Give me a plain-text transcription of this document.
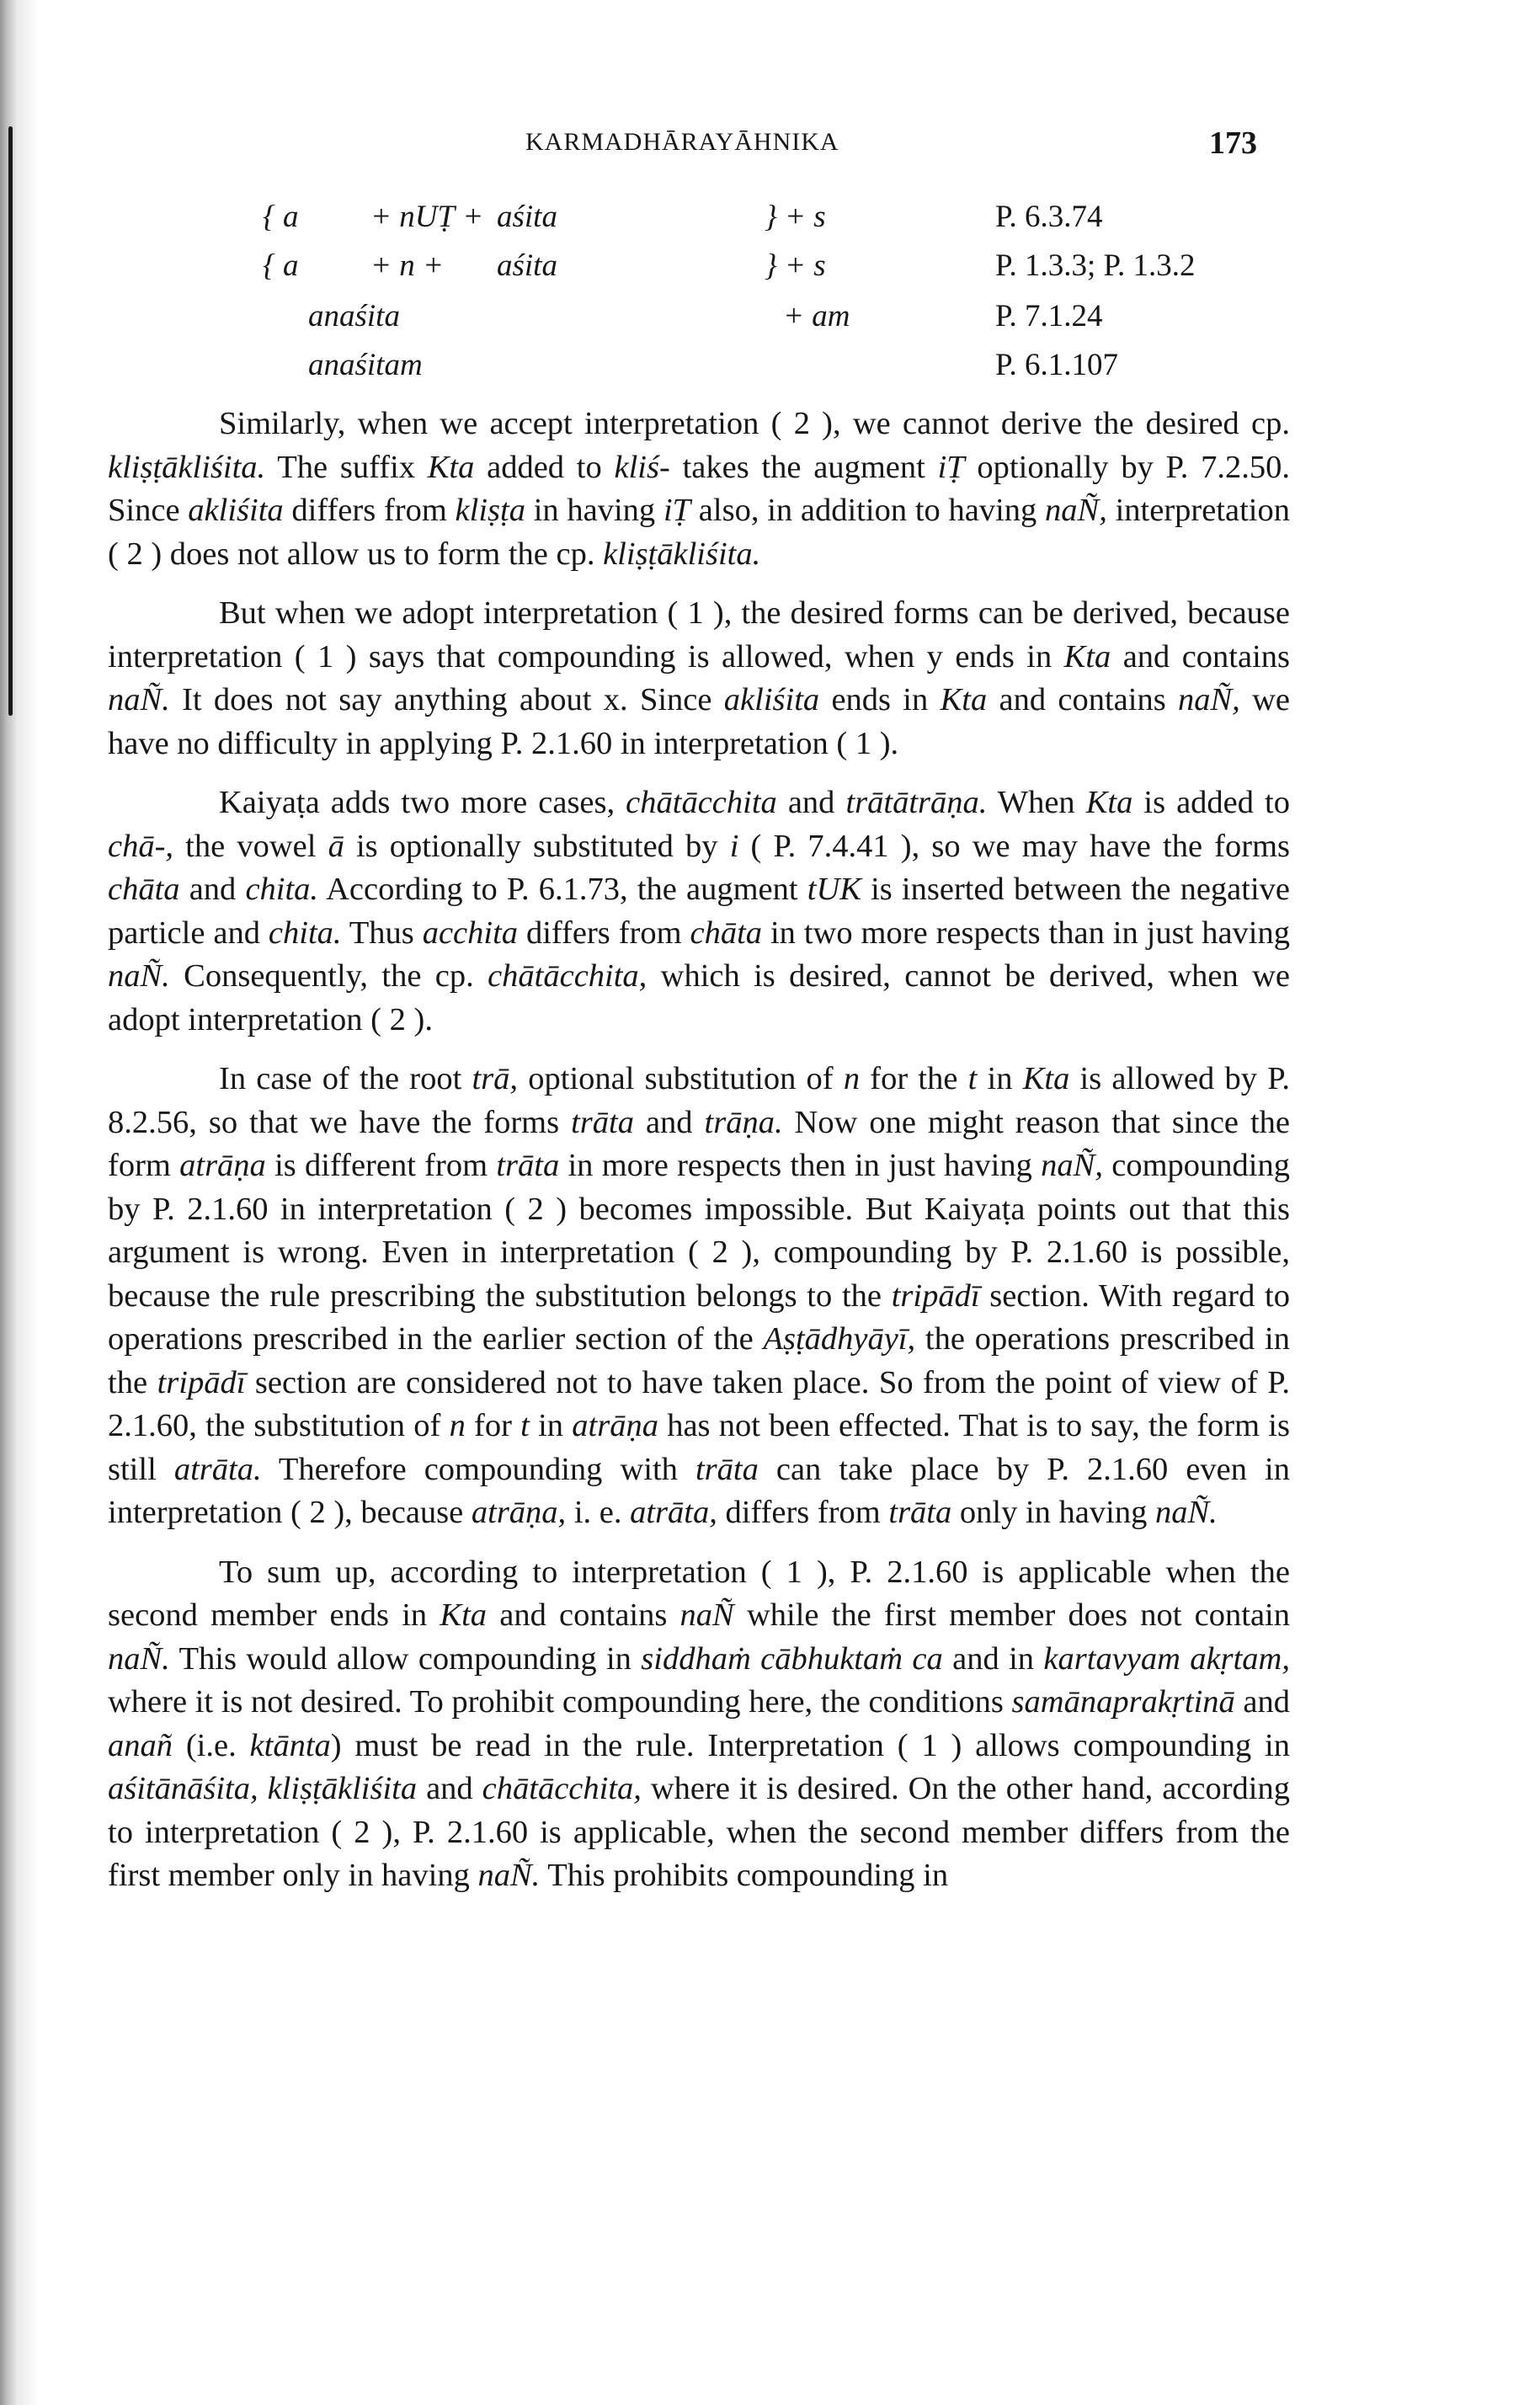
KARMADHĀRAYĀHNIKA	173
{ a + nUṬ + aśita	} + s	P. 6.3.74
{ a + n + aśita	} + s	P. 1.3.3; P. 1.3.2
anaśita	+ am	P. 7.1.24
anaśitam	P. 6.1.107

Similarly, when we accept interpretation ( 2 ), we cannot derive the desired cp. kliṣṭākliśita. The suffix Kta added to kliś- takes the augment iṬ optionally by P. 7.2.50. Since akliśita differs from kliṣṭa in having iṬ also, in addition to having naÑ, interpretation ( 2 ) does not allow us to form the cp. kliṣṭākliśita.

But when we adopt interpretation ( 1 ), the desired forms can be derived, because interpretation ( 1 ) says that compounding is allowed, when y ends in Kta and contains naÑ. It does not say anything about x. Since akliśita ends in Kta and contains naÑ, we have no difficulty in applying P. 2.1.60 in interpretation ( 1 ).

Kaiyaṭa adds two more cases, chātācchita and trātātrāṇa. When Kta is added to chā-, the vowel ā is optionally substituted by i ( P. 7.4.41 ), so we may have the forms chāta and chita. According to P. 6.1.73, the augment tUK is inserted between the negative particle and chita. Thus acchita differs from chāta in two more respects than in just having naÑ. Consequently, the cp. chātācchita, which is desired, cannot be derived, when we adopt interpretation ( 2 ).

In case of the root trā, optional substitution of n for the t in Kta is allowed by P. 8.2.56, so that we have the forms trāta and trāṇa. Now one might reason that since the form atrāṇa is different from trāta in more respects then in just having naÑ, compounding by P. 2.1.60 in interpretation ( 2 ) becomes impossible. But Kaiyaṭa points out that this argument is wrong. Even in interpretation ( 2 ), compounding by P. 2.1.60 is possible, because the rule prescribing the substitution belongs to the tripādī section. With regard to operations prescribed in the earlier section of the Aṣṭādhyāyī, the operations prescribed in the tripādī section are considered not to have taken place. So from the point of view of P. 2.1.60, the substitution of n for t in atrāṇa has not been effected. That is to say, the form is still atrāta. Therefore compounding with trāta can take place by P. 2.1.60 even in interpretation ( 2 ), because atrāṇa, i. e. atrāta, differs from trāta only in having naÑ.

To sum up, according to interpretation ( 1 ), P. 2.1.60 is applicable when the second member ends in Kta and contains naÑ while the first member does not contain naÑ. This would allow compounding in siddhaṁ cābhuktaṁ ca and in kartavyam akṛtam, where it is not desired. To prohibit compounding here, the conditions samānaprakṛtinā and anañ (i.e. ktānta) must be read in the rule. Interpretation ( 1 ) allows compounding in aśitānāśita, kliṣṭākliśita and chātācchita, where it is desired. On the other hand, according to interpretation ( 2 ), P. 2.1.60 is applicable, when the second member differs from the first member only in having naÑ. This prohibits compounding in
